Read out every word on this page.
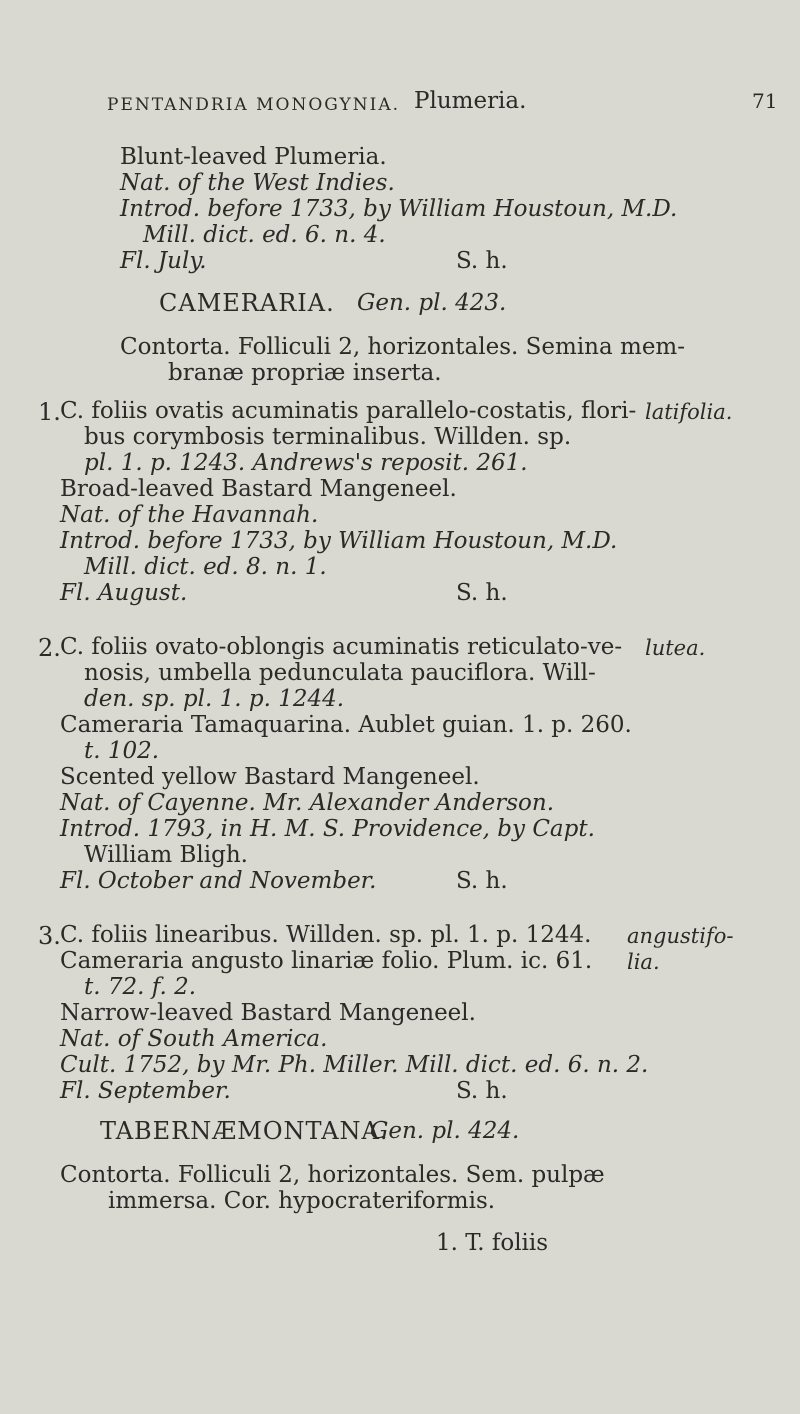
PENTANDRIA MONOGYNIA. Plumeria.	71
Blunt-leaved Plumeria.
Nat. of the West Indies.
Introd. before 1733, by William Houstoun, M.D.
Mill. dict. ed. 6. n. 4.
Fl. July.	S. h.
CAMERARIA. Gen. pl. 423.
Contorta. Folliculi 2, horizontales. Semina mem-
branæ propriæ inserta.
1.	latifolia.
C. foliis ovatis acuminatis parallelo-costatis, flori-
bus corymbosis terminalibus. Willden. sp.
pl. 1. p. 1243. Andrews's reposit. 261.
Broad-leaved Bastard Mangeneel.
Nat. of the Havannah.
Introd. before 1733, by William Houstoun, M.D.
Mill. dict. ed. 8. n. 1.
Fl. August.	S. h.
2.	lutea.
C. foliis ovato-oblongis acuminatis reticulato-ve-
nosis, umbella pedunculata pauciflora. Will-
den. sp. pl. 1. p. 1244.
Cameraria Tamaquarina. Aublet guian. 1. p. 260.
t. 102.
Scented yellow Bastard Mangeneel.
Nat. of Cayenne. Mr. Alexander Anderson.
Introd. 1793, in H. M. S. Providence, by Capt.
William Bligh.
Fl. October and November.	S. h.
3.	angustifo-
lia.
C. foliis linearibus. Willden. sp. pl. 1. p. 1244.
Cameraria angusto linariæ folio. Plum. ic. 61.
t. 72. f. 2.
Narrow-leaved Bastard Mangeneel.
Nat. of South America.
Cult. 1752, by Mr. Ph. Miller. Mill. dict. ed. 6. n. 2.
Fl. September.	S. h.
TABERNÆMONTANA.
Gen. pl. 424.
Contorta. Folliculi 2, horizontales. Sem. pulpæ
immersa. Cor. hypocrateriformis.
1. T. foliis
